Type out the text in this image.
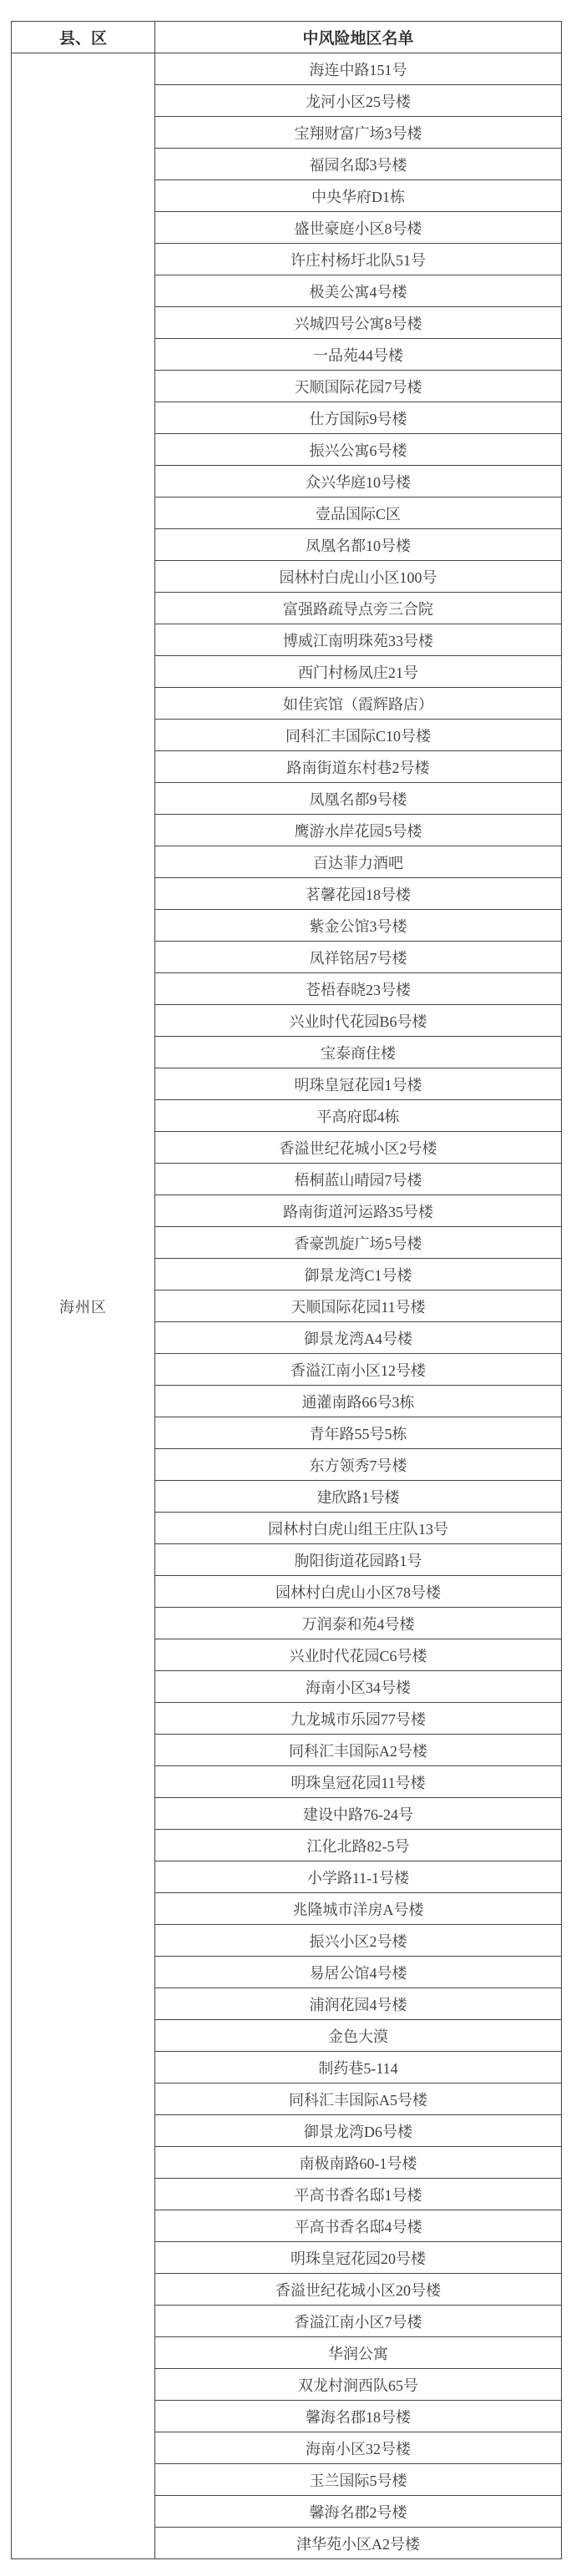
县、区	中风险地区名单
海州区	海连中路151号
	龙河小区25号楼
	宝翔财富广场3号楼
	福园名邸3号楼
	中央华府D1栋
	盛世豪庭小区8号楼
	许庄村杨圩北队51号
	极美公寓4号楼
	兴城四号公寓8号楼
	一品苑44号楼
	天顺国际花园7号楼
	仕方国际9号楼
	振兴公寓6号楼
	众兴华庭10号楼
	壹品国际C区
	凤凰名都10号楼
	园林村白虎山小区100号
	富强路疏导点旁三合院
	博威江南明珠苑33号楼
	西门村杨凤庄21号
	如佳宾馆（霞辉路店）
	同科汇丰国际C10号楼
	路南街道东村巷2号楼
	凤凰名都9号楼
	鹰游水岸花园5号楼
	百达菲力酒吧
	茗馨花园18号楼
	紫金公馆3号楼
	凤祥铭居7号楼
	苍梧春晓23号楼
	兴业时代花园B6号楼
	宝泰商住楼
	明珠皇冠花园1号楼
	平高府邸4栋
	香溢世纪花城小区2号楼
	梧桐蓝山晴园7号楼
	路南街道河运路35号楼
	香豪凯旋广场5号楼
	御景龙湾C1号楼
	天顺国际花园11号楼
	御景龙湾A4号楼
	香溢江南小区12号楼
	通灌南路66号3栋
	青年路55号5栋
	东方领秀7号楼
	建欣路1号楼
	园林村白虎山组王庄队13号
	朐阳街道花园路1号
	园林村白虎山小区78号楼
	万润泰和苑4号楼
	兴业时代花园C6号楼
	海南小区34号楼
	九龙城市乐园77号楼
	同科汇丰国际A2号楼
	明珠皇冠花园11号楼
	建设中路76-24号
	江化北路82-5号
	小学路11-1号楼
	兆隆城市洋房A号楼
	振兴小区2号楼
	易居公馆4号楼
	浦润花园4号楼
	金色大漠
	制药巷5-114
	同科汇丰国际A5号楼
	御景龙湾D6号楼
	南极南路60-1号楼
	平高书香名邸1号楼
	平高书香名邸4号楼
	明珠皇冠花园20号楼
	香溢世纪花城小区20号楼
	香溢江南小区7号楼
	华润公寓
	双龙村涧西队65号
	馨海名郡18号楼
	海南小区32号楼
	玉兰国际5号楼
	馨海名郡2号楼
	津华苑小区A2号楼
